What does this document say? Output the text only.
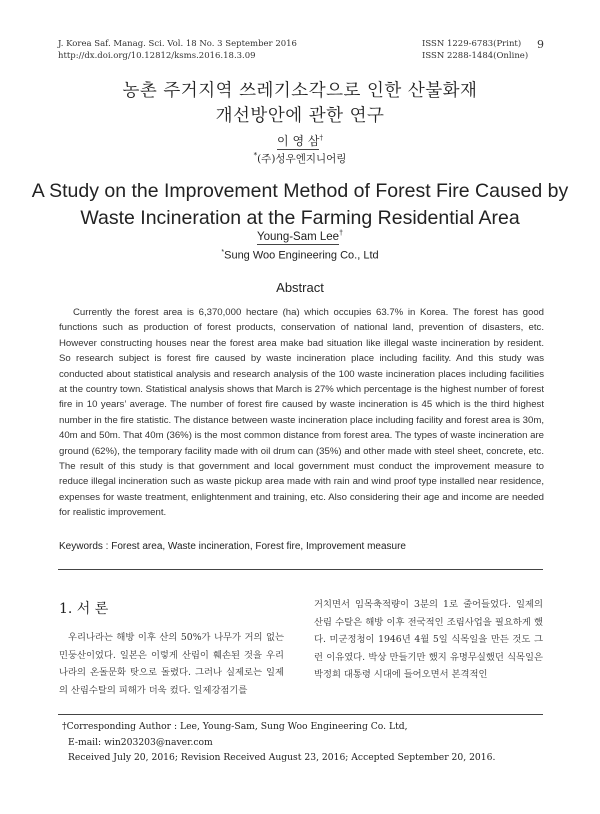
J. Korea Saf. Manag. Sci. Vol. 18 No. 3 September 2016
http://dx.doi.org/10.12812/ksms.2016.18.3.09
ISSN 1229-6783(Print)
ISSN 2288-1484(Online)
9
농촌 주거지역 쓰레기소각으로 인한 산불화재
개선방안에 관한 연구
이 영 삼†
*(주)성우엔지니어링
A Study on the Improvement Method of Forest Fire Caused by
Waste Incineration at the Farming Residential Area
Young-Sam Lee†
*Sung Woo Engineering Co., Ltd
Abstract

Currently the forest area is 6,370,000 hectare (ha) which occupies 63.7% in Korea. The forest has good functions such as production of forest products, conservation of national land, prevention of disasters, etc. However constructing houses near the forest area make bad situation like illegal waste incineration by resident. So research subject is forest fire caused by waste incineration place including facility. And this study was conducted about statistical analysis and research analysis of the 100 waste incineration places including facilities at the country town. Statistical analysis shows that March is 27% which percentage is the highest number of forest fire in 10 years’ average. The number of forest fire caused by waste incineration is 45 which is the third highest number in the fire statistic. The distance between waste incineration place including facility and forest area is 30m, 40m and 50m. That 40m (36%) is the most common distance from forest area. The types of waste incineration are ground (62%), the temporary facility made with oil drum can (35%) and other made with steel sheet, concrete, etc. The result of this study is that government and local government must conduct the improvement measure to reduce illegal incineration such as waste pickup area made with rain and wind proof type installed near residence, expenses for waste treatment, enlightenment and training, etc. Also considering their age and income are needed for realistic improvement.

Keywords : Forest area, Waste incineration, Forest fire, Improvement measure
1. 서 론

우리나라는 해방 이후 산의 50%가 나무가 거의 없는 민둥산이었다. 일본은 이렇게 산림이 훼손된 것을 우리나라의 온돌문화 탓으로 돌렸다. 그러나 실제로는 일제의 산림수탈의 피해가 더욱 컸다. 일제강점기를

거치면서 임목축적량이 3분의 1로 줄어들었다. 일제의 산림 수탈은 해방 이후 전국적인 조림사업을 필요하게 했다. 미군정청이 1946년 4월 5일 식목일을 만든 것도 그런 이유였다. 박상 만들기만 했지 유명무실했던 식목일은 박정희 대통령 시대에 들어오면서 본격적인

†Corresponding Author : Lee, Young-Sam, Sung Woo Engineering Co. Ltd,
E-mail: win203203@naver.com
Received July 20, 2016; Revision Received August 23, 2016; Accepted September 20, 2016.
